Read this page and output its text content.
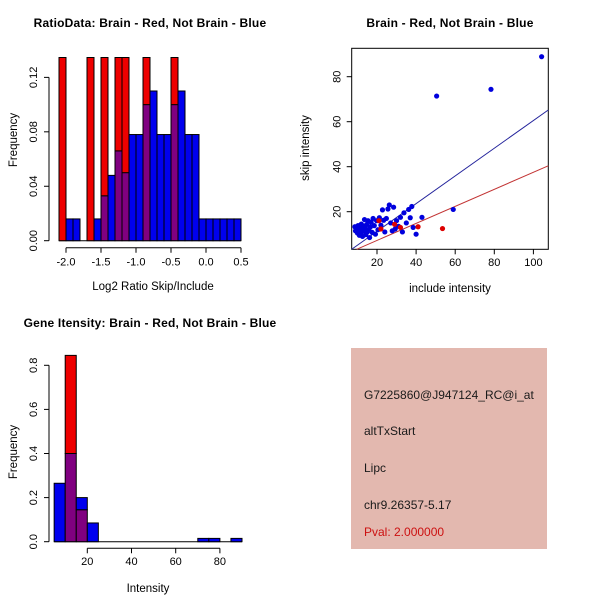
0.00
0.04
0.08
0.12
-2.0 -1.5 -1.0 -0.5 0.0 0.5	20 40 60 80 100
20
40
60
80
0.0
0.2
0.4
0.6
0.8
20	40	60	80
RatioData: Brain - Red, Not Brain - Blue	Brain - Red, Not Brain - Blue
Gene Itensity: Brain - Red, Not Brain - Blue
Frequency
Log2 Ratio Skip/Include
skip intensity
include intensity
Frequency
Intensity
G7225860@J947124_RC@i_at
altTxStart
Lipc
chr9.26357-5.17
Pval: 2.000000
